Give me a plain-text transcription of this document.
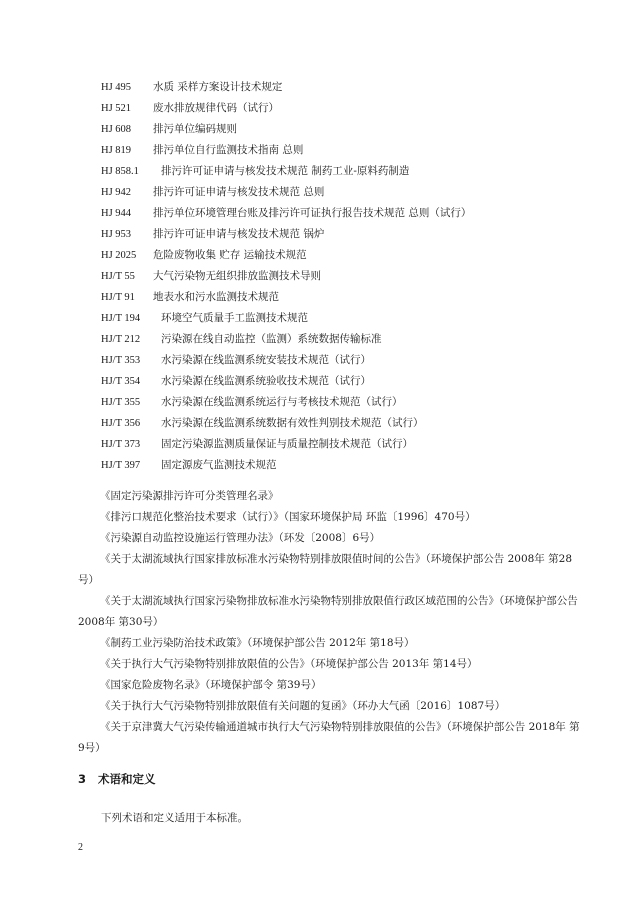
HJ 495 水质 采样方案设计技术规定
HJ 521 废水排放规律代码（试行）
HJ 608 排污单位编码规则
HJ 819 排污单位自行监测技术指南 总则
HJ 858.1 排污许可证申请与核发技术规范 制药工业-原料药制造
HJ 942 排污许可证申请与核发技术规范 总则
HJ 944 排污单位环境管理台账及排污许可证执行报告技术规范 总则（试行）
HJ 953 排污许可证申请与核发技术规范 锅炉
HJ 2025 危险废物收集 贮存 运输技术规范
HJ/T 55 大气污染物无组织排放监测技术导则
HJ/T 91 地表水和污水监测技术规范
HJ/T 194 环境空气质量手工监测技术规范
HJ/T 212 污染源在线自动监控（监测）系统数据传输标准
HJ/T 353 水污染源在线监测系统安装技术规范（试行）
HJ/T 354 水污染源在线监测系统验收技术规范（试行）
HJ/T 355 水污染源在线监测系统运行与考核技术规范（试行）
HJ/T 356 水污染源在线监测系统数据有效性判别技术规范（试行）
HJ/T 373 固定污染源监测质量保证与质量控制技术规范（试行）
HJ/T 397 固定源废气监测技术规范

《固定污染源排污许可分类管理名录》

《排污口规范化整治技术要求（试行）》（国家环境保护局 环监〔1996〕470号）

《污染源自动监控设施运行管理办法》（环发〔2008〕6号）

《关于太湖流域执行国家排放标准水污染物特别排放限值时间的公告》（环境保护部公告 2008年 第28号）

《关于太湖流域执行国家污染物排放标准水污染物特别排放限值行政区域范围的公告》（环境保护部公告 2008年 第30号）

《制药工业污染防治技术政策》（环境保护部公告 2012年 第18号）

《关于执行大气污染物特别排放限值的公告》（环境保护部公告 2013年 第14号）

《国家危险废物名录》（环境保护部令 第39号）

《关于执行大气污染物特别排放限值有关问题的复函》（环办大气函〔2016〕1087号）

《关于京津冀大气污染传输通道城市执行大气污染物特别排放限值的公告》（环境保护部公告 2018年 第9号）

3 术语和定义
下列术语和定义适用于本标准。
2
